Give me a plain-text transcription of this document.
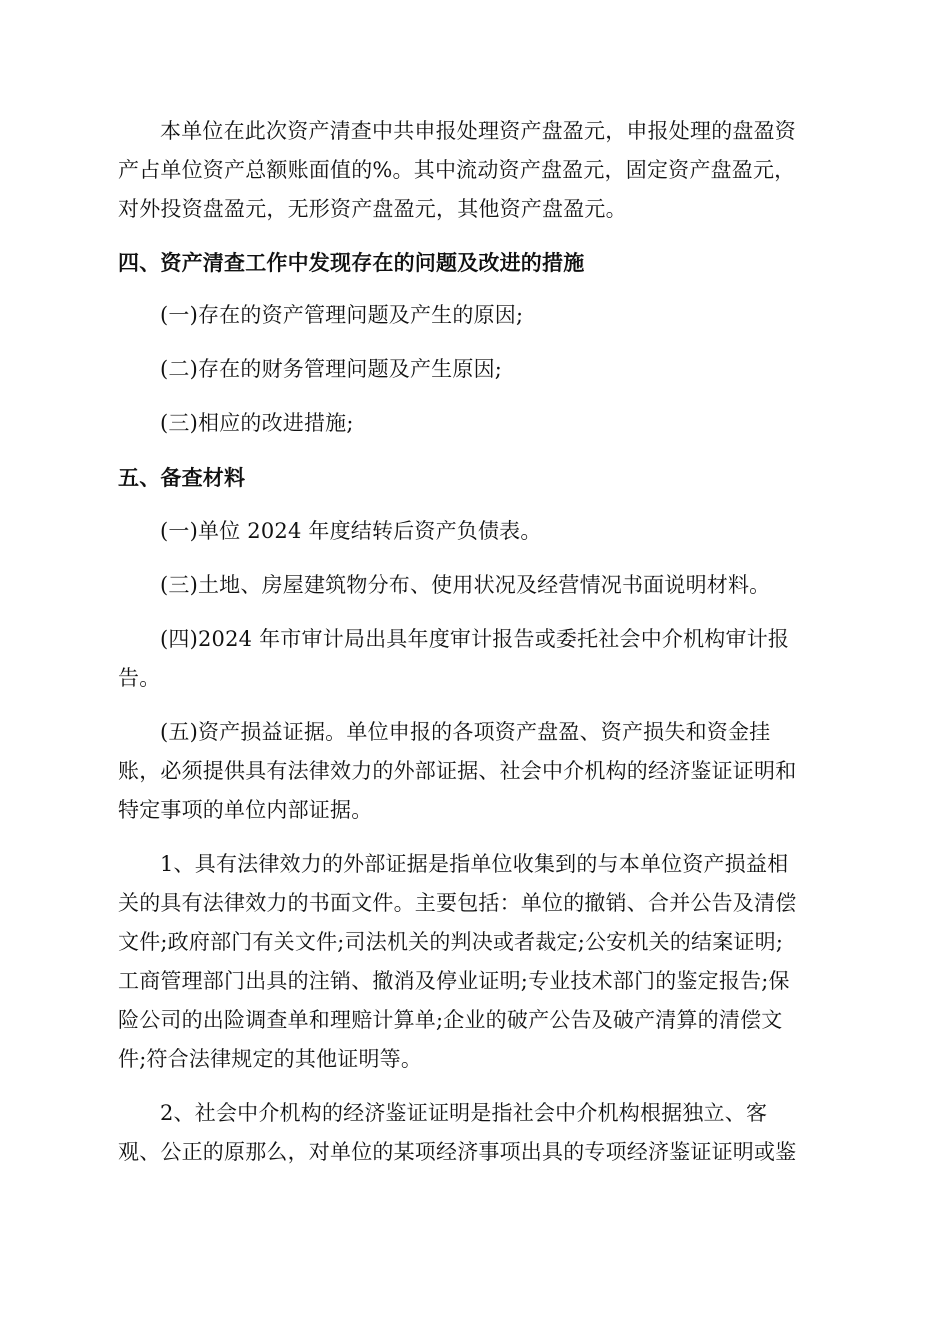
本单位在此次资产清查中共申报处理资产盘盈元，申报处理的盘盈资
产占单位资产总额账面值的%。其中流动资产盘盈元，固定资产盘盈元，
对外投资盘盈元，无形资产盘盈元，其他资产盘盈元。
四、资产清查工作中发现存在的问题及改进的措施
(一)存在的资产管理问题及产生的原因;
(二)存在的财务管理问题及产生原因;
(三)相应的改进措施;
五、备查材料
(一)单位 2024 年度结转后资产负债表。
(三)土地、房屋建筑物分布、使用状况及经营情况书面说明材料。
(四)2024 年市审计局出具年度审计报告或委托社会中介机构审计报
告。
(五)资产损益证据。单位申报的各项资产盘盈、资产损失和资金挂
账，必须提供具有法律效力的外部证据、社会中介机构的经济鉴证证明和
特定事项的单位内部证据。
1、具有法律效力的外部证据是指单位收集到的与本单位资产损益相
关的具有法律效力的书面文件。主要包括：单位的撤销、合并公告及清偿
文件;政府部门有关文件;司法机关的判决或者裁定;公安机关的结案证明;
工商管理部门出具的注销、撤消及停业证明;专业技术部门的鉴定报告;保
险公司的出险调查单和理赔计算单;企业的破产公告及破产清算的清偿文
件;符合法律规定的其他证明等。
2、社会中介机构的经济鉴证证明是指社会中介机构根据独立、客
观、公正的原那么，对单位的某项经济事项出具的专项经济鉴证证明或鉴
